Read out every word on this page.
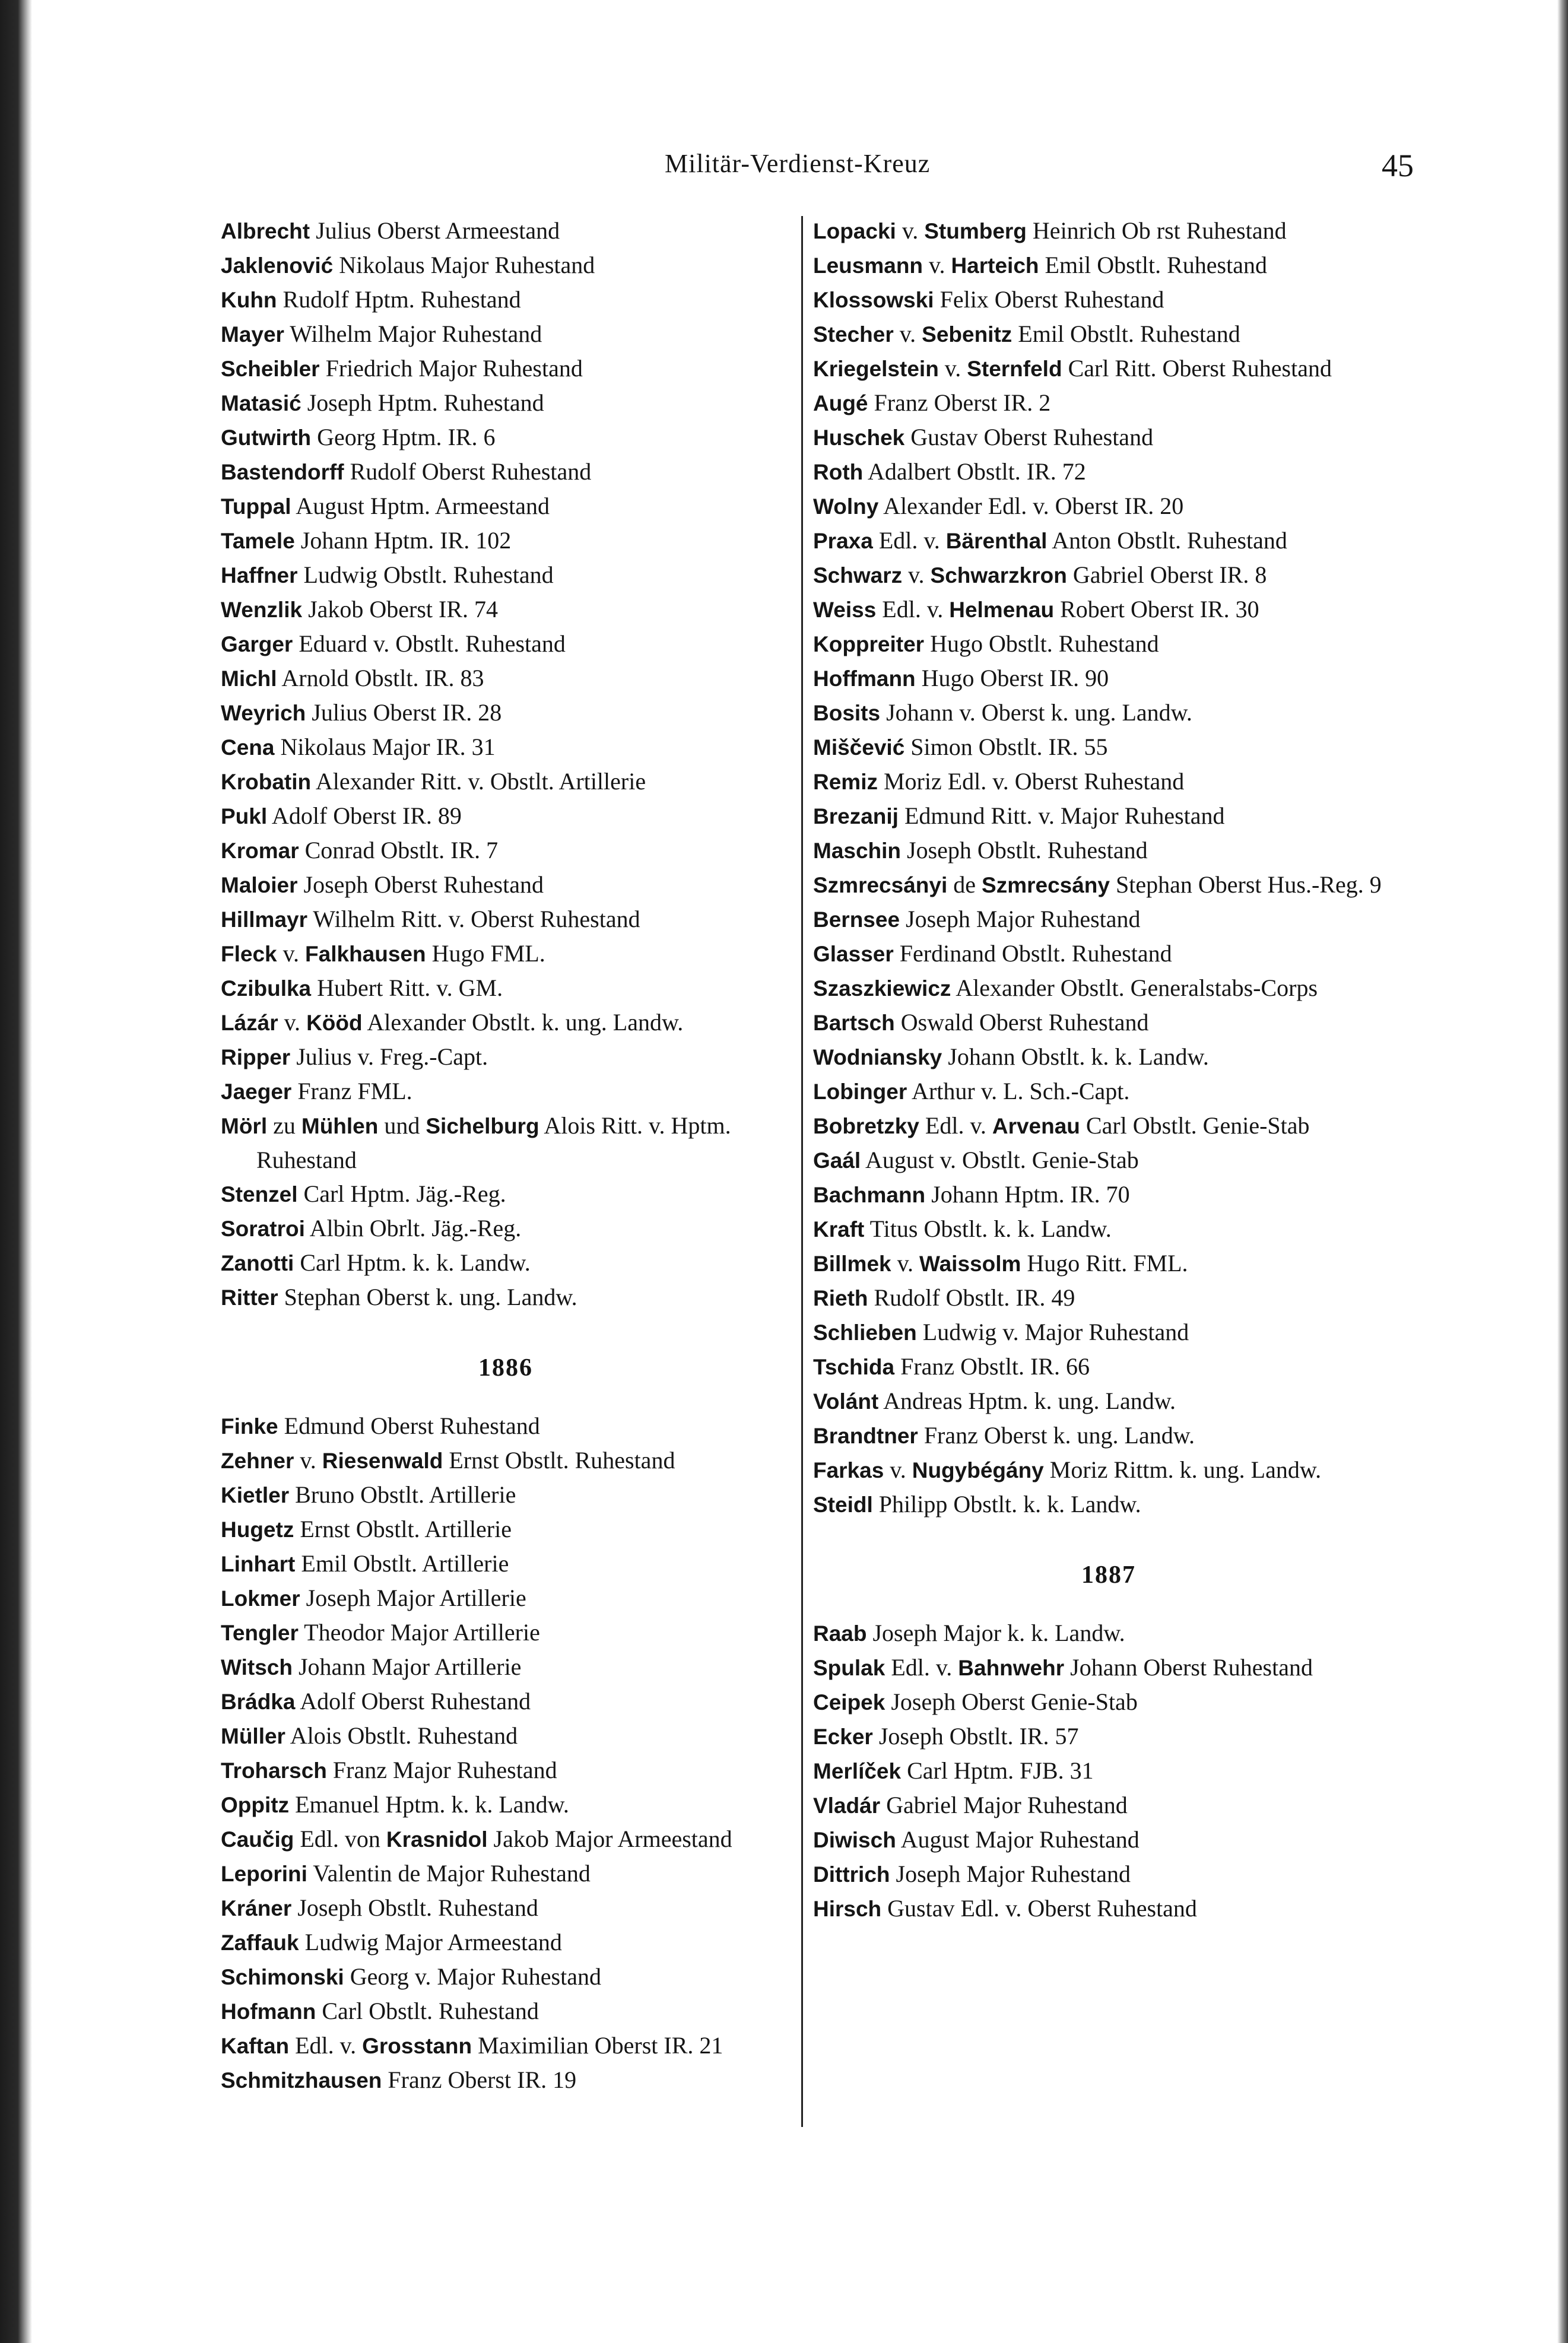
Militär-Verdienst-Kreuz	45
Albrecht Julius Oberst Armeestand
Jaklenović Nikolaus Major Ruhestand
Kuhn Rudolf Hptm. Ruhestand
Mayer Wilhelm Major Ruhestand
Scheibler Friedrich Major Ruhestand
Matasić Joseph Hptm. Ruhestand
Gutwirth Georg Hptm. IR. 6
Bastendorff Rudolf Oberst Ruhestand
Tuppal August Hptm. Armeestand
Tamele Johann Hptm. IR. 102
Haffner Ludwig Obstlt. Ruhestand
Wenzlik Jakob Oberst IR. 74
Garger Eduard v. Obstlt. Ruhestand
Michl Arnold Obstlt. IR. 83
Weyrich Julius Oberst IR. 28
Cena Nikolaus Major IR. 31
Krobatin Alexander Ritt. v. Obstlt. Artillerie
Pukl Adolf Oberst IR. 89
Kromar Conrad Obstlt. IR. 7
Maloier Joseph Oberst Ruhestand
Hillmayr Wilhelm Ritt. v. Oberst Ruhestand
Fleck v. Falkhausen Hugo FML.
Czibulka Hubert Ritt. v. GM.
Lázár v. Kööd Alexander Obstlt. k. ung. Landw.
Ripper Julius v. Freg.-Capt.
Jaeger Franz FML.
Mörl zu Mühlen und Sichelburg Alois Ritt. v. Hptm. Ruhestand
Stenzel Carl Hptm. Jäg.-Reg.
Soratroi Albin Obrlt. Jäg.-Reg.
Zanotti Carl Hptm. k. k. Landw.
Ritter Stephan Oberst k. ung. Landw.
1886
Finke Edmund Oberst Ruhestand
Zehner v. Riesenwald Ernst Obstlt. Ruhestand
Kietler Bruno Obstlt. Artillerie
Hugetz Ernst Obstlt. Artillerie
Linhart Emil Obstlt. Artillerie
Lokmer Joseph Major Artillerie
Tengler Theodor Major Artillerie
Witsch Johann Major Artillerie
Brádka Adolf Oberst Ruhestand
Müller Alois Obstlt. Ruhestand
Troharsch Franz Major Ruhestand
Oppitz Emanuel Hptm. k. k. Landw.
Caučig Edl. von Krasnidol Jakob Major Armeestand
Leporini Valentin de Major Ruhestand
Kráner Joseph Obstlt. Ruhestand
Zaffauk Ludwig Major Armeestand
Schimonski Georg v. Major Ruhestand
Hofmann Carl Obstlt. Ruhestand
Kaftan Edl. v. Grosstann Maximilian Oberst IR. 21
Schmitzhausen Franz Oberst IR. 19
Lopacki v. Stumberg Heinrich Ob rst Ruhestand
Leusmann v. Harteich Emil Obstlt. Ruhestand
Klossowski Felix Oberst Ruhestand
Stecher v. Sebenitz Emil Obstlt. Ruhestand
Kriegelstein v. Sternfeld Carl Ritt. Oberst Ruhestand
Augé Franz Oberst IR. 2
Huschek Gustav Oberst Ruhestand
Roth Adalbert Obstlt. IR. 72
Wolny Alexander Edl. v. Oberst IR. 20
Praxa Edl. v. Bärenthal Anton Obstlt. Ruhestand
Schwarz v. Schwarzkron Gabriel Oberst IR. 8
Weiss Edl. v. Helmenau Robert Oberst IR. 30
Koppreiter Hugo Obstlt. Ruhestand
Hoffmann Hugo Oberst IR. 90
Bosits Johann v. Oberst k. ung. Landw.
Miščević Simon Obstlt. IR. 55
Remiz Moriz Edl. v. Oberst Ruhestand
Brezanij Edmund Ritt. v. Major Ruhestand
Maschin Joseph Obstlt. Ruhestand
Szmrecsányi de Szmrecsány Stephan Oberst Hus.-Reg. 9
Bernsee Joseph Major Ruhestand
Glasser Ferdinand Obstlt. Ruhestand
Szaszkiewicz Alexander Obstlt. Generalstabs-Corps
Bartsch Oswald Oberst Ruhestand
Wodniansky Johann Obstlt. k. k. Landw.
Lobinger Arthur v. L. Sch.-Capt.
Bobretzky Edl. v. Arvenau Carl Obstlt. Genie-Stab
Gaál August v. Obstlt. Genie-Stab
Bachmann Johann Hptm. IR. 70
Kraft Titus Obstlt. k. k. Landw.
Billmek v. Waissolm Hugo Ritt. FML.
Rieth Rudolf Obstlt. IR. 49
Schlieben Ludwig v. Major Ruhestand
Tschida Franz Obstlt. IR. 66
Volánt Andreas Hptm. k. ung. Landw.
Brandtner Franz Oberst k. ung. Landw.
Farkas v. Nugybégány Moriz Rittm. k. ung. Landw.
Steidl Philipp Obstlt. k. k. Landw.
1887
Raab Joseph Major k. k. Landw.
Spulak Edl. v. Bahnwehr Johann Oberst Ruhestand
Ceipek Joseph Oberst Genie-Stab
Ecker Joseph Obstlt. IR. 57
Merlíček Carl Hptm. FJB. 31
Vladár Gabriel Major Ruhestand
Diwisch August Major Ruhestand
Dittrich Joseph Major Ruhestand
Hirsch Gustav Edl. v. Oberst Ruhestand
